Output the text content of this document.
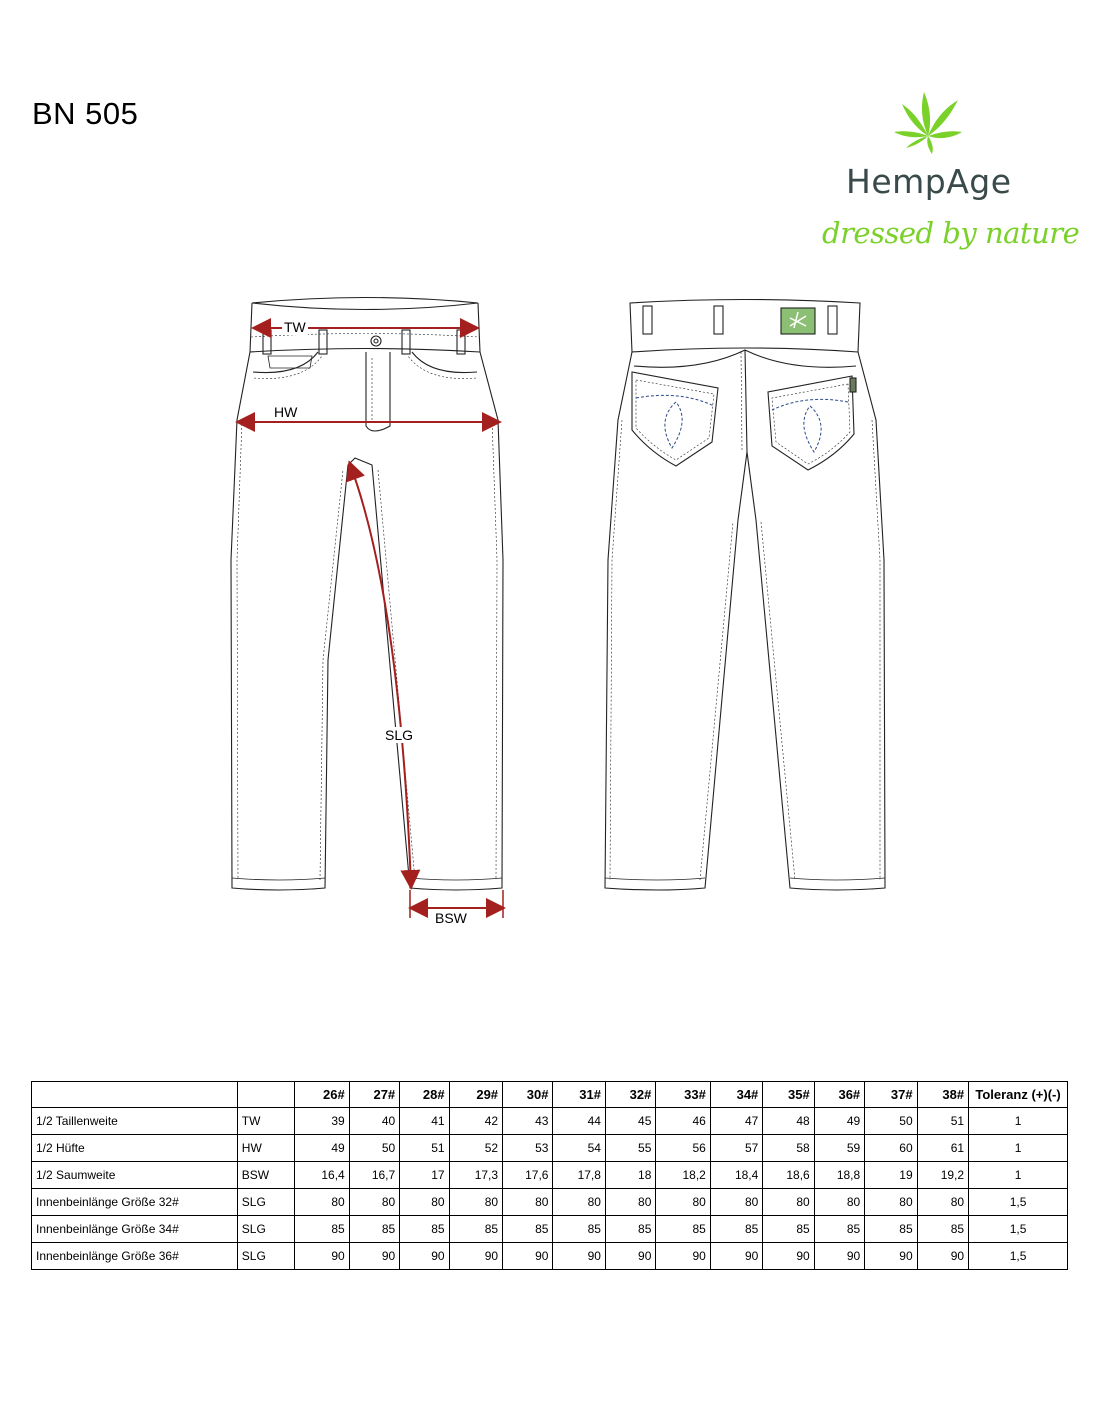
BN 505
HempAge
dressed by nature
TW
HW
SLG
BSW
		26#	27#	28#	29#	30#	31#	32#	33#	34#	35#	36#	37#	38#	Toleranz (+)(-)
1/2 Taillenweite	TW	39	40	41	42	43	44	45	46	47	48	49	50	51	1
1/2 Hüfte	HW	49	50	51	52	53	54	55	56	57	58	59	60	61	1
1/2 Saumweite	BSW	16,4	16,7	17	17,3	17,6	17,8	18	18,2	18,4	18,6	18,8	19	19,2	1
Innenbeinlänge Größe 32#	SLG	80	80	80	80	80	80	80	80	80	80	80	80	80	1,5
Innenbeinlänge Größe 34#	SLG	85	85	85	85	85	85	85	85	85	85	85	85	85	1,5
Innenbeinlänge Größe 36#	SLG	90	90	90	90	90	90	90	90	90	90	90	90	90	1,5
